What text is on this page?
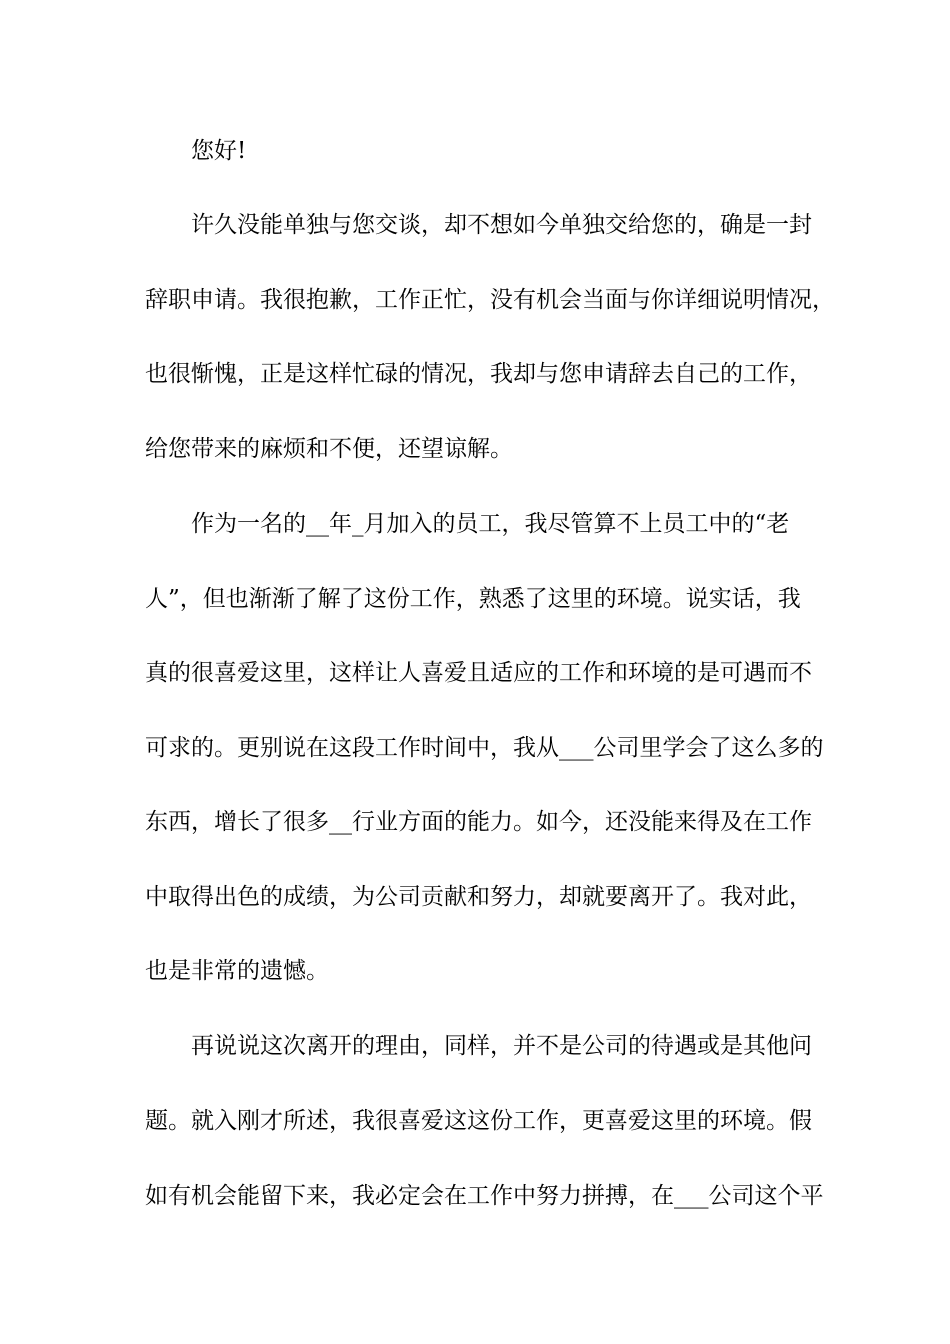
您好!

许久没能单独与您交谈，却不想如今单独交给您的，确是一封

辞职申请。我很抱歉，工作正忙，没有机会当面与你详细说明情况，

也很惭愧，正是这样忙碌的情况，我却与您申请辞去自己的工作，

给您带来的麻烦和不便，还望谅解。

作为一名的__年_月加入的员工，我尽管算不上员工中的“老

人”，但也渐渐了解了这份工作，熟悉了这里的环境。说实话，我

真的很喜爱这里，这样让人喜爱且适应的工作和环境的是可遇而不

可求的。更别说在这段工作时间中，我从___公司里学会了这么多的

东西，增长了很多__行业方面的能力。如今，还没能来得及在工作

中取得出色的成绩，为公司贡献和努力，却就要离开了。我对此，

也是非常的遗憾。

再说说这次离开的理由，同样，并不是公司的待遇或是其他问

题。就入刚才所述，我很喜爱这这份工作，更喜爱这里的环境。假

如有机会能留下来，我必定会在工作中努力拼搏，在___公司这个平
